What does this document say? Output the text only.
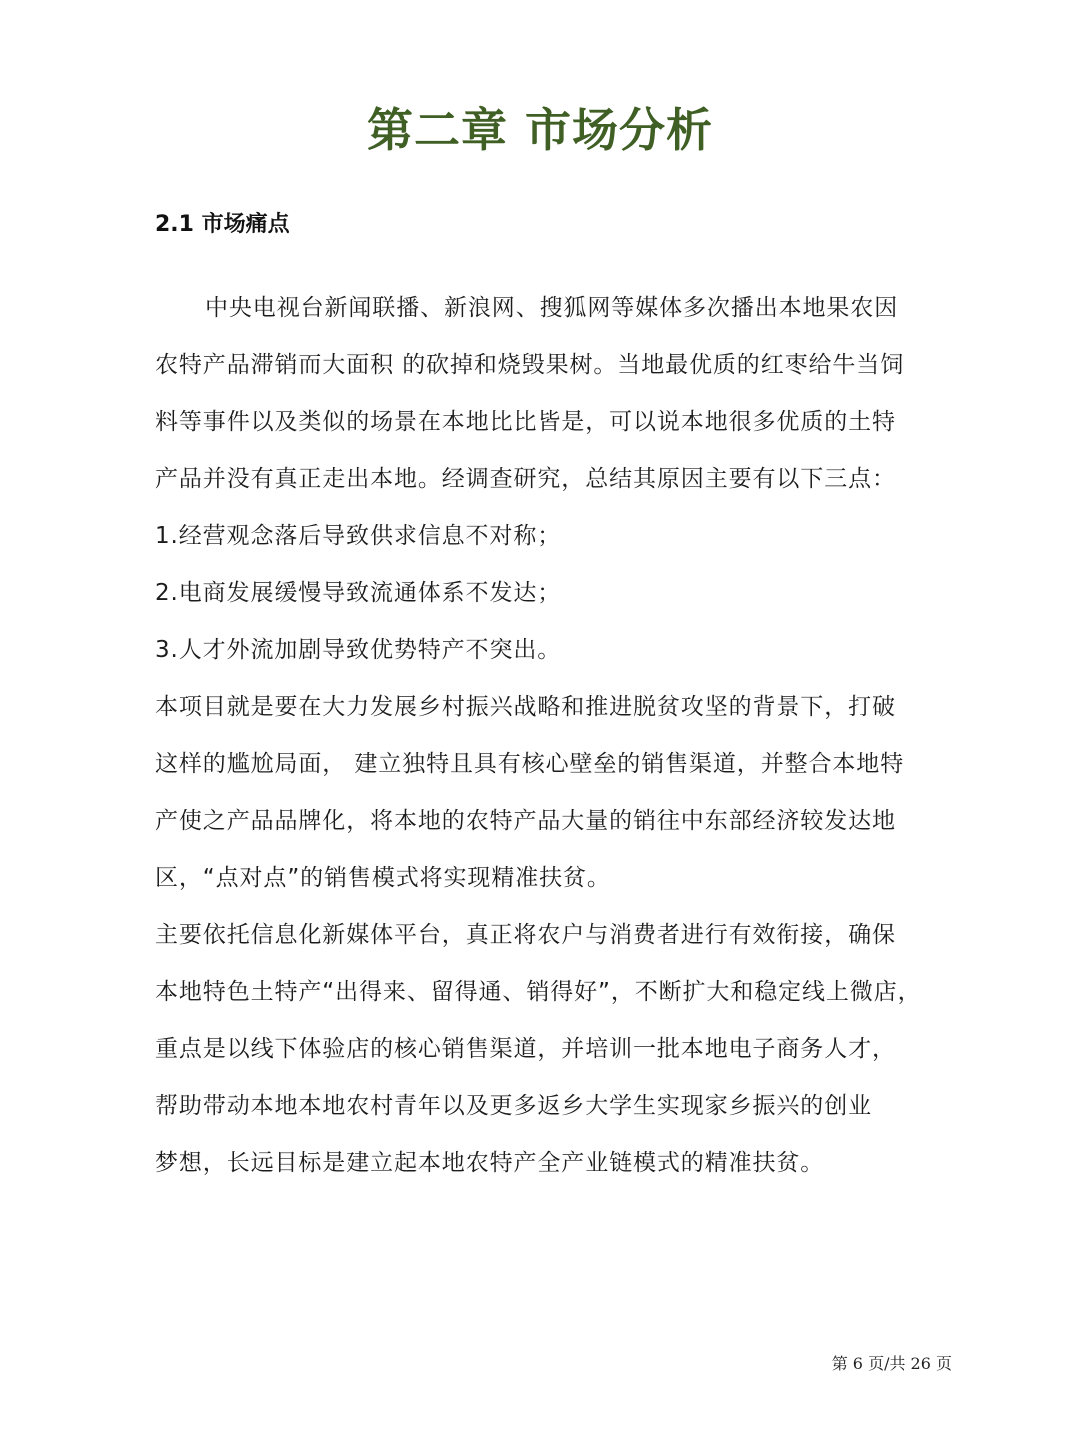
第二章 市场分析
2.1 市场痛点
中央电视台新闻联播、新浪网、搜狐网等媒体多次播出本地果农因
农特产品滞销而大面积 的砍掉和烧毁果树。当地最优质的红枣给牛当饲
料等事件以及类似的场景在本地比比皆是，可以说本地很多优质的土特
产品并没有真正走出本地。经调查研究，总结其原因主要有以下三点：
1.经营观念落后导致供求信息不对称；
2.电商发展缓慢导致流通体系不发达；
3.人才外流加剧导致优势特产不突出。
本项目就是要在大力发展乡村振兴战略和推进脱贫攻坚的背景下，打破
这样的尴尬局面， 建立独特且具有核心壁垒的销售渠道，并整合本地特
产使之产品品牌化，将本地的农特产品大量的销往中东部经济较发达地
区，“点对点”的销售模式将实现精准扶贫。
主要依托信息化新媒体平台，真正将农户与消费者进行有效衔接，确保
本地特色土特产“出得来、留得通、销得好”，不断扩大和稳定线上微店，
重点是以线下体验店的核心销售渠道，并培训一批本地电子商务人才，
帮助带动本地本地农村青年以及更多返乡大学生实现家乡振兴的创业
梦想，长远目标是建立起本地农特产全产业链模式的精准扶贫。
第 6 页/共 26 页
